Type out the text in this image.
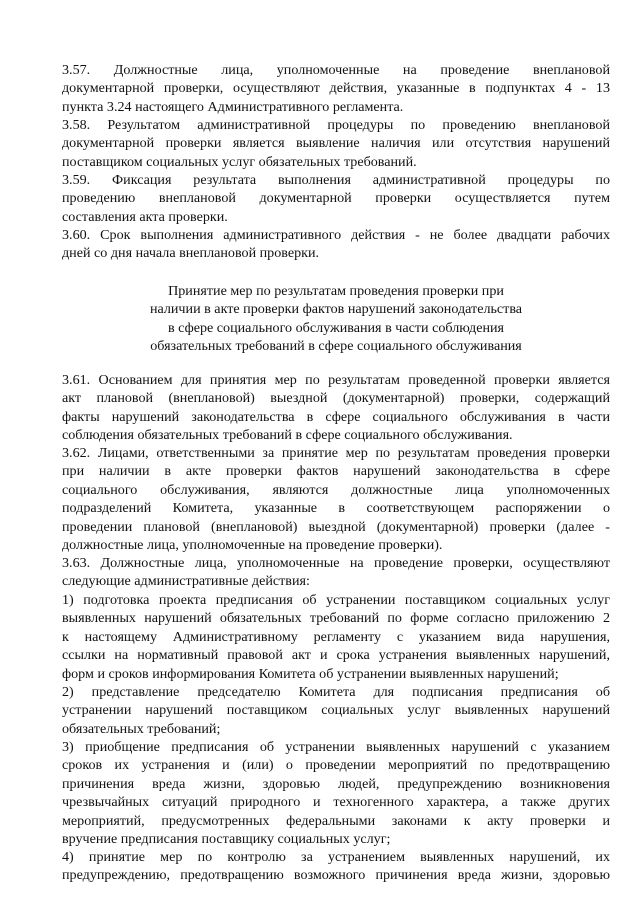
3.57. Должностные лица, уполномоченные на проведение внеплановой
документарной проверки, осуществляют действия, указанные в подпунктах 4 - 13
пункта 3.24 настоящего Административного регламента.
3.58. Результатом административной процедуры по проведению внеплановой
документарной проверки является выявление наличия или отсутствия нарушений
поставщиком социальных услуг обязательных требований.
3.59. Фиксация результата выполнения административной процедуры по
проведению внеплановой документарной проверки осуществляется путем
составления акта проверки.
3.60. Срок выполнения административного действия - не более двадцати рабочих
дней со дня начала внеплановой проверки.
Принятие мер по результатам проведения проверки при
наличии в акте проверки фактов нарушений законодательства
в сфере социального обслуживания в части соблюдения
обязательных требований в сфере социального обслуживания
3.61. Основанием для принятия мер по результатам проведенной проверки является
акт плановой (внеплановой) выездной (документарной) проверки, содержащий
факты нарушений законодательства в сфере социального обслуживания в части
соблюдения обязательных требований в сфере социального обслуживания.
3.62. Лицами, ответственными за принятие мер по результатам проведения проверки
при наличии в акте проверки фактов нарушений законодательства в сфере
социального обслуживания, являются должностные лица уполномоченных
подразделений Комитета, указанные в соответствующем распоряжении о
проведении плановой (внеплановой) выездной (документарной) проверки (далее -
должностные лица, уполномоченные на проведение проверки).
3.63. Должностные лица, уполномоченные на проведение проверки, осуществляют
следующие административные действия:
1) подготовка проекта предписания об устранении поставщиком социальных услуг
выявленных нарушений обязательных требований по форме согласно приложению 2
к настоящему Административному регламенту с указанием вида нарушения,
ссылки на нормативный правовой акт и срока устранения выявленных нарушений,
форм и сроков информирования Комитета об устранении выявленных нарушений;
2) представление председателю Комитета для подписания предписания об
устранении нарушений поставщиком социальных услуг выявленных нарушений
обязательных требований;
3) приобщение предписания об устранении выявленных нарушений с указанием
сроков их устранения и (или) о проведении мероприятий по предотвращению
причинения вреда жизни, здоровью людей, предупреждению возникновения
чрезвычайных ситуаций природного и техногенного характера, а также других
мероприятий, предусмотренных федеральными законами к акту проверки и
вручение предписания поставщику социальных услуг;
4) принятие мер по контролю за устранением выявленных нарушений, их
предупреждению, предотвращению возможного причинения вреда жизни, здоровью
